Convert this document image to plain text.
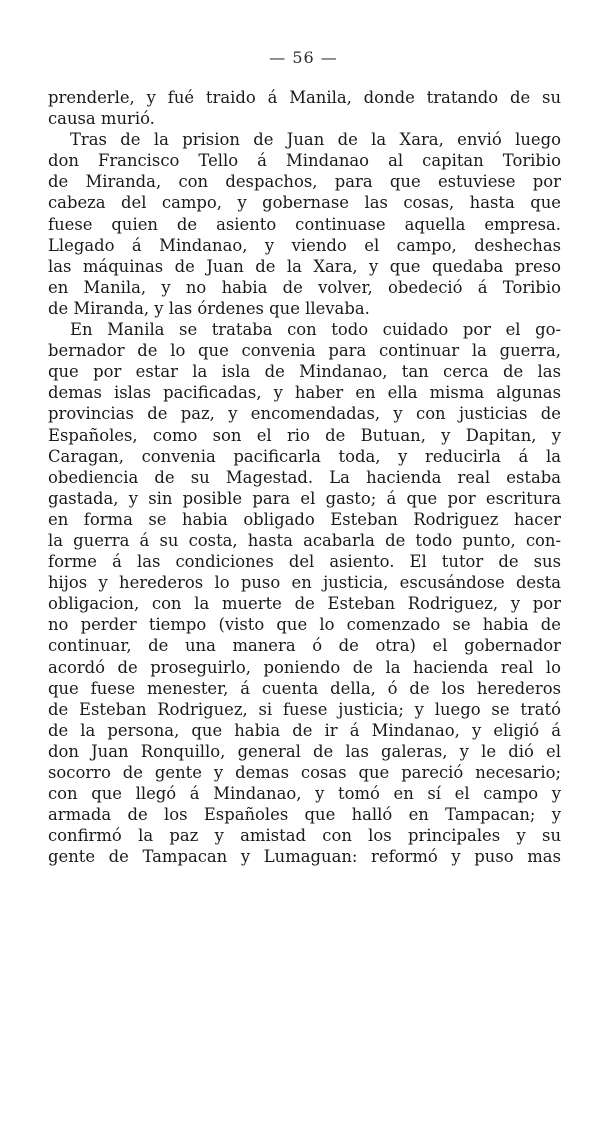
— 56 —
prenderle, y fué traido á Manila, donde tratando de su
causa murió.
Tras de la prision de Juan de la Xara, envió luego
don Francisco Tello á Mindanao al capitan Toribio
de Miranda, con despachos, para que estuviese por
cabeza del campo, y gobernase las cosas, hasta que
fuese quien de asiento continuase aquella empresa.
Llegado á Mindanao, y viendo el campo, deshechas
las máquinas de Juan de la Xara, y que quedaba preso
en Manila, y no habia de volver, obedeció á Toribio
de Miranda, y las órdenes que llevaba.
En Manila se trataba con todo cuidado por el go-
bernador de lo que convenia para continuar la guerra,
que por estar la isla de Mindanao, tan cerca de las
demas islas pacificadas, y haber en ella misma algunas
provincias de paz, y encomendadas, y con justicias de
Españoles, como son el rio de Butuan, y Dapitan, y
Caragan, convenia pacificarla toda, y reducirla á la
obediencia de su Magestad. La hacienda real estaba
gastada, y sin posible para el gasto; á que por escritura
en forma se habia obligado Esteban Rodriguez hacer
la guerra á su costa, hasta acabarla de todo punto, con-
forme á las condiciones del asiento. El tutor de sus
hijos y herederos lo puso en justicia, escusándose desta
obligacion, con la muerte de Esteban Rodriguez, y por
no perder tiempo (visto que lo comenzado se habia de
continuar, de una manera ó de otra) el gobernador
acordó de proseguirlo, poniendo de la hacienda real lo
que fuese menester, á cuenta della, ó de los herederos
de Esteban Rodriguez, si fuese justicia; y luego se trató
de la persona, que habia de ir á Mindanao, y eligió á
don Juan Ronquillo, general de las galeras, y le dió el
socorro de gente y demas cosas que pareció necesario;
con que llegó á Mindanao, y tomó en sí el campo y
armada de los Españoles que halló en Tampacan; y
confirmó la paz y amistad con los principales y su
gente de Tampacan y Lumaguan: reformó y puso mas
